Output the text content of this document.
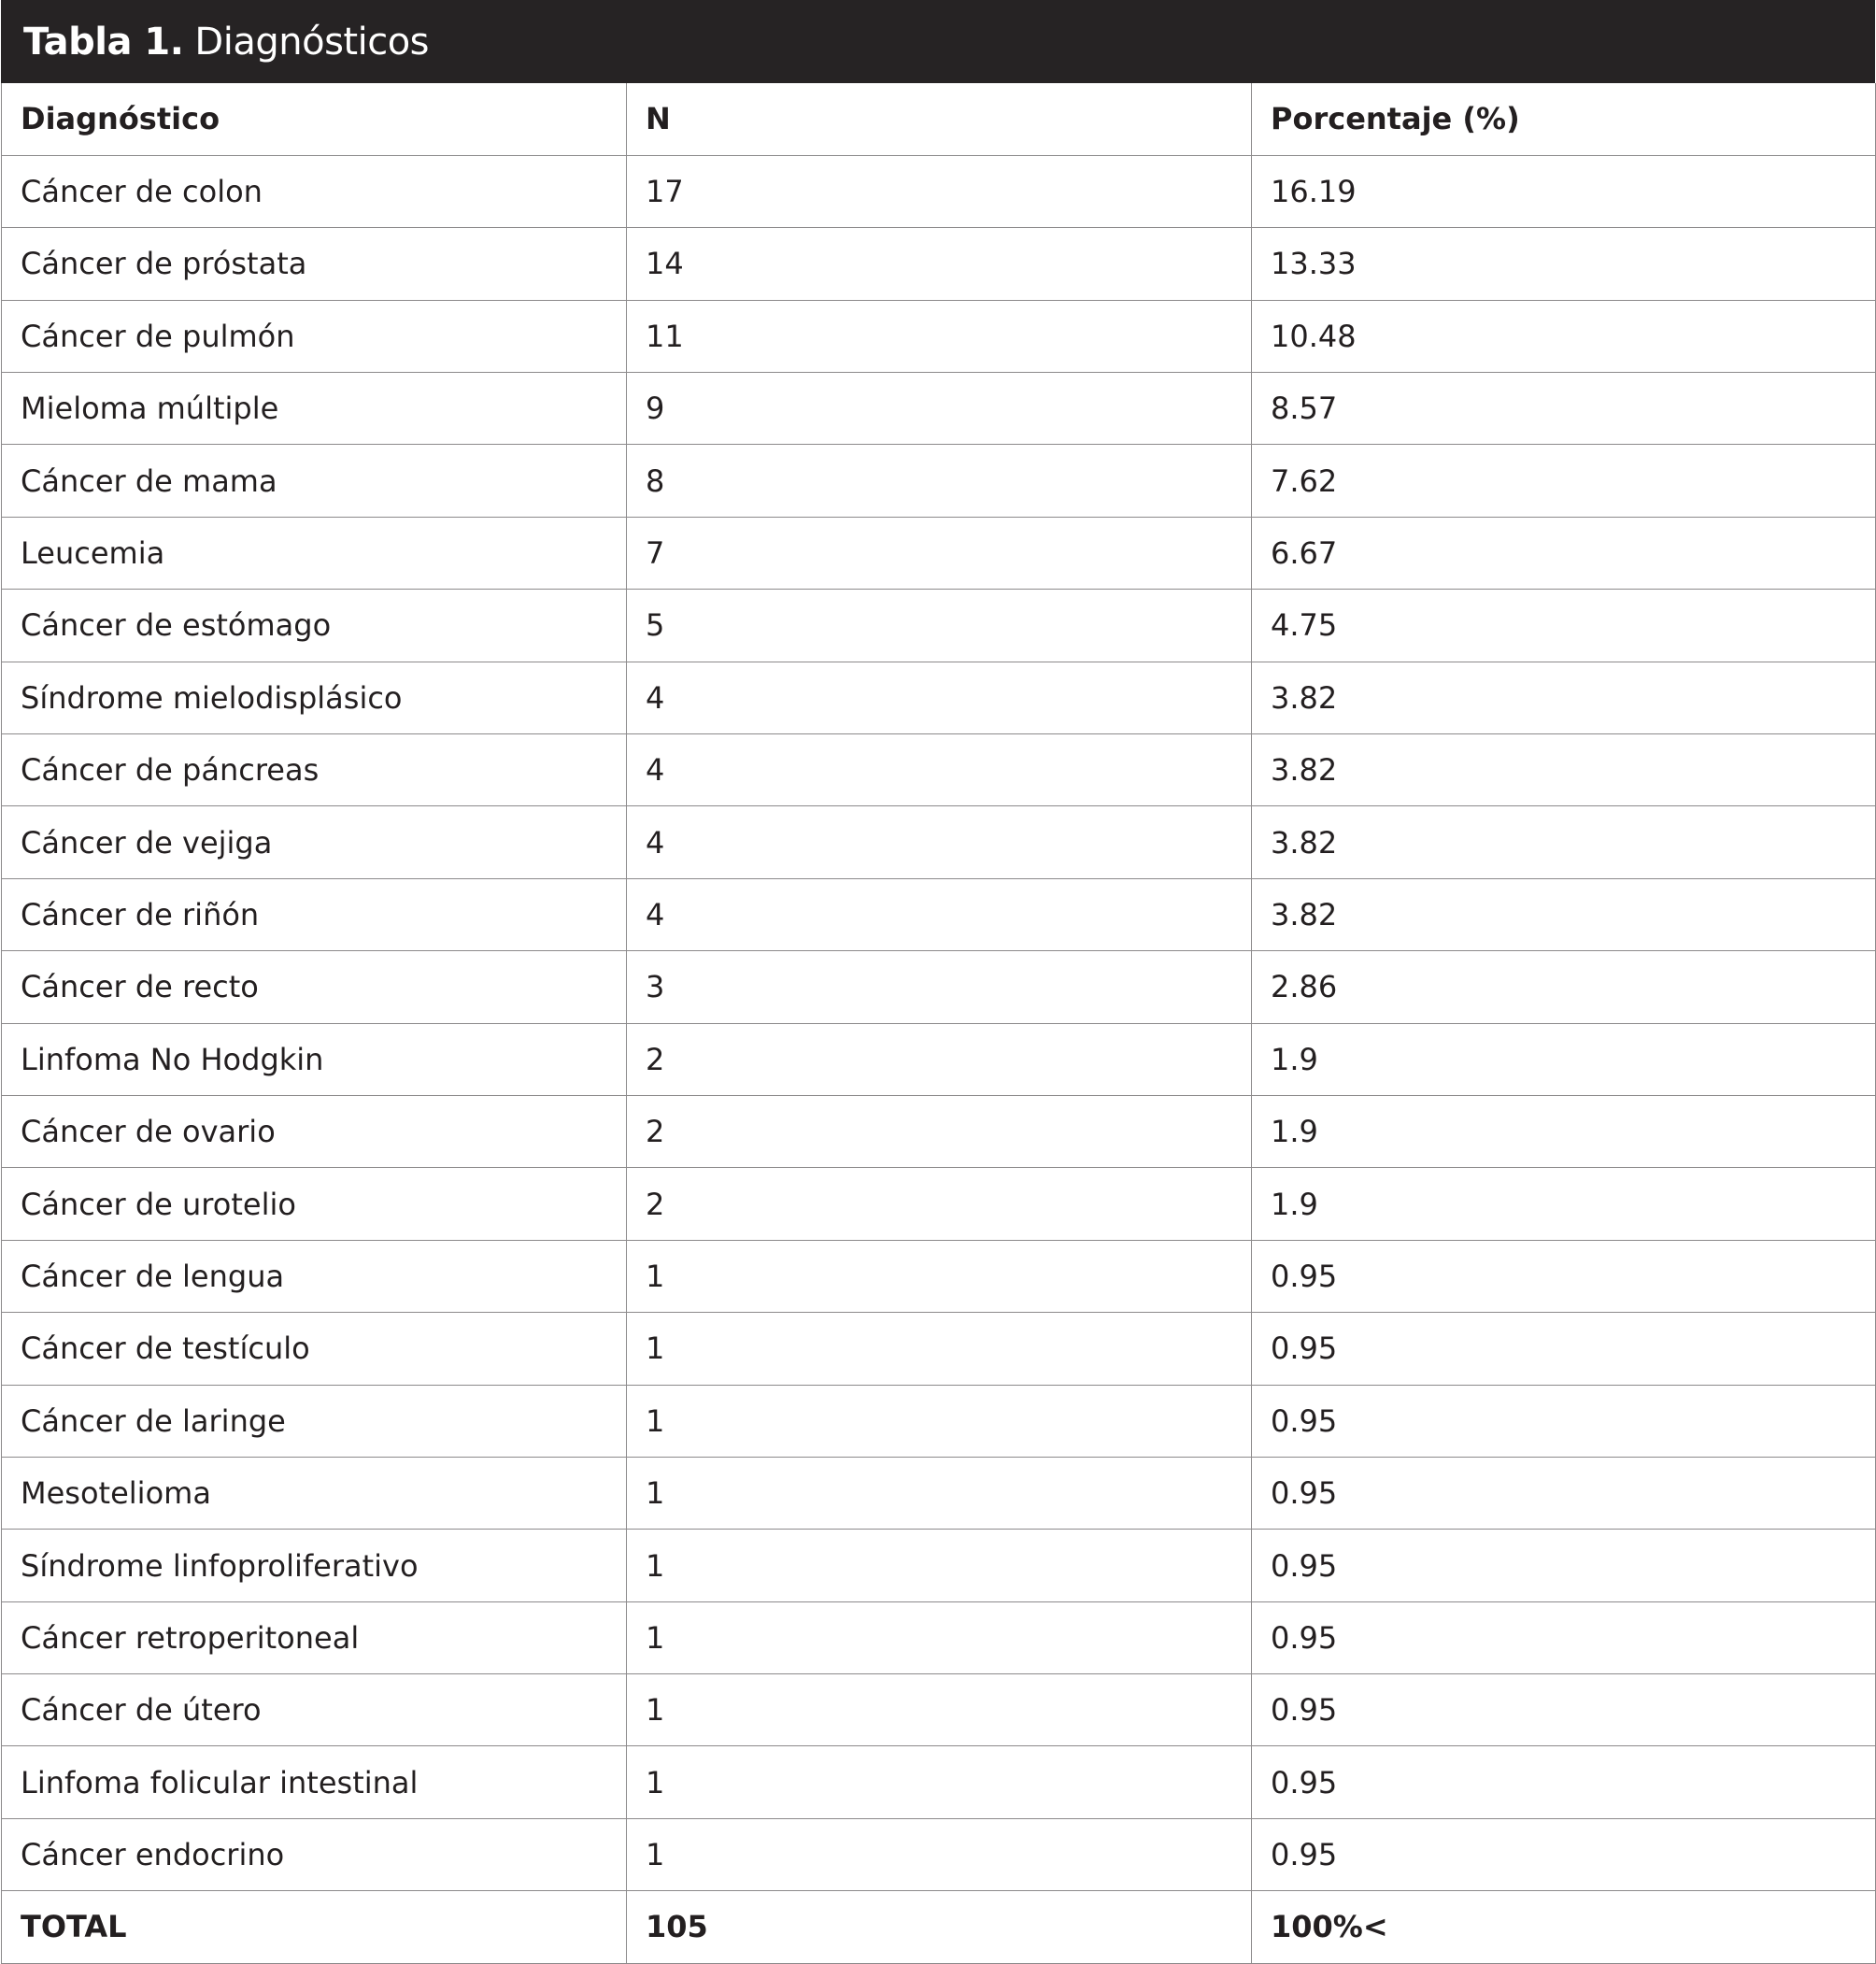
Tabla 1. Diagnósticos
Diagnóstico	N	Porcentaje (%)
Cáncer de colon	17	16.19
Cáncer de próstata	14	13.33
Cáncer de pulmón	11	10.48
Mieloma múltiple	9	8.57
Cáncer de mama	8	7.62
Leucemia	7	6.67
Cáncer de estómago	5	4.75
Síndrome mielodisplásico	4	3.82
Cáncer de páncreas	4	3.82
Cáncer de vejiga	4	3.82
Cáncer de riñón	4	3.82
Cáncer de recto	3	2.86
Linfoma No Hodgkin	2	1.9
Cáncer de ovario	2	1.9
Cáncer de urotelio	2	1.9
Cáncer de lengua	1	0.95
Cáncer de testículo	1	0.95
Cáncer de laringe	1	0.95
Mesotelioma	1	0.95
Síndrome linfoproliferativo	1	0.95
Cáncer retroperitoneal	1	0.95
Cáncer de útero	1	0.95
Linfoma folicular intestinal	1	0.95
Cáncer endocrino	1	0.95
TOTAL	105	100%<
